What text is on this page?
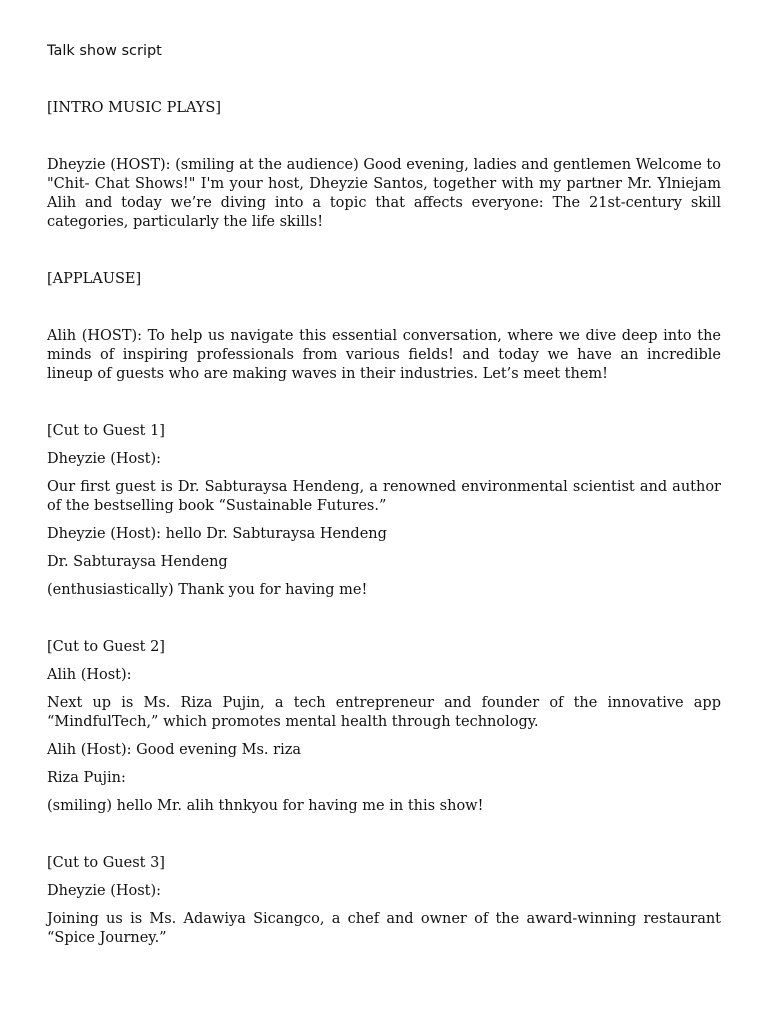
Talk show script

[INTRO MUSIC PLAYS]

Dheyzie (HOST): (smiling at the audience) Good evening, ladies and gentlemen Welcome to "Chit- Chat Shows!" I'm your host, Dheyzie Santos, together with my partner Mr. Ylniejam Alih and today we’re diving into a topic that affects everyone: The 21st-century skill categories, particularly the life skills!

[APPLAUSE]

Alih (HOST): To help us navigate this essential conversation, where we dive deep into the minds of inspiring professionals from various fields! and today we have an incredible lineup of guests who are making waves in their industries. Let’s meet them!

[Cut to Guest 1]

Dheyzie (Host):

Our first guest is Dr. Sabturaysa Hendeng, a renowned environmental scientist and author of the bestselling book “Sustainable Futures.”

Dheyzie (Host): hello Dr. Sabturaysa Hendeng

Dr. Sabturaysa Hendeng

(enthusiastically) Thank you for having me!

[Cut to Guest 2]

Alih (Host):

Next up is Ms. Riza Pujin, a tech entrepreneur and founder of the innovative app “MindfulTech,” which promotes mental health through technology.

Alih (Host): Good evening Ms. riza

Riza Pujin:

(smiling) hello Mr. alih thnkyou for having me in this show!

[Cut to Guest 3]

Dheyzie (Host):

Joining us is Ms. Adawiya Sicangco, a chef and owner of the award-winning restaurant “Spice Journey.”
